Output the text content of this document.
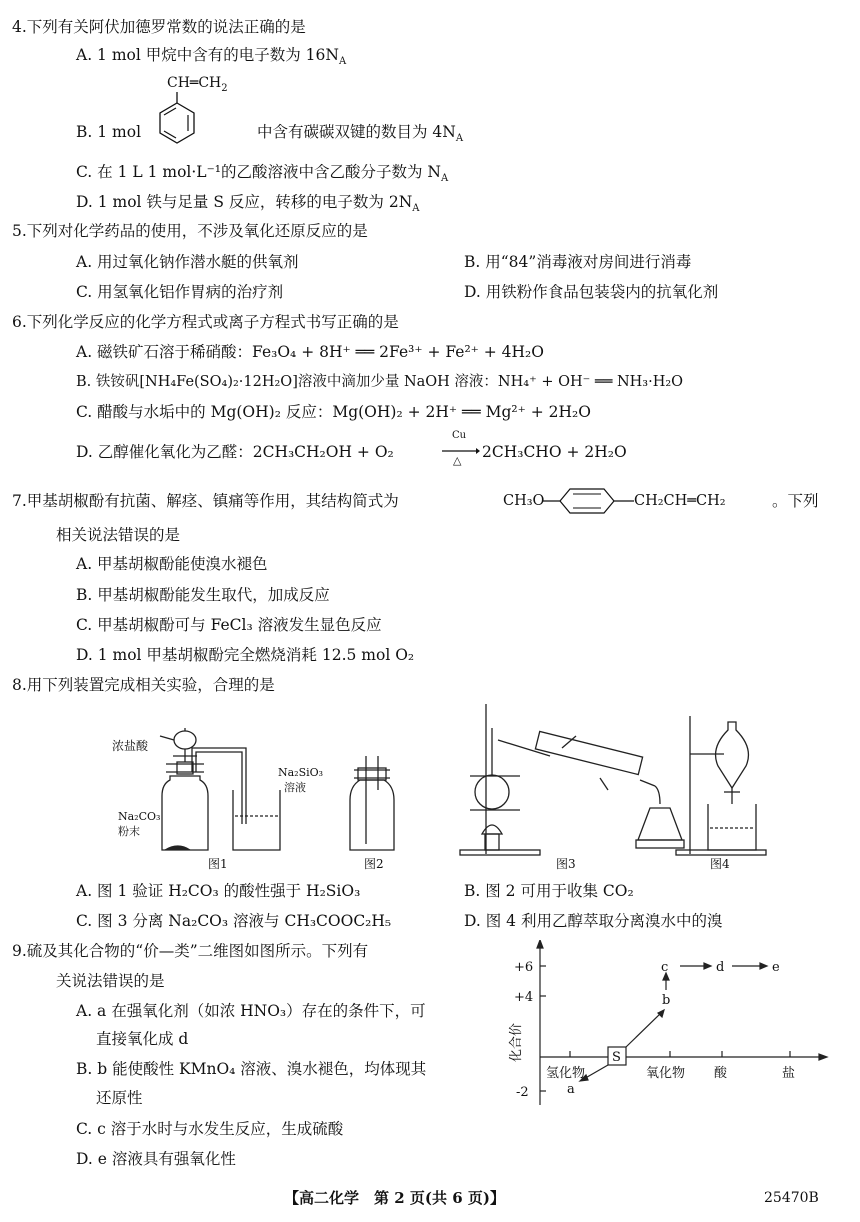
4.下列有关阿伏加德罗常数的说法正确的是
A. 1 mol 甲烷中含有的电子数为 $16N_A$
B. 1 mol
$CH═CH_2$
中含有碳碳双键的数目为 $4N_A$
C. 在 1 L 1 mol·L⁻¹的乙酸溶液中含乙酸分子数为 $N_A$
D. 1 mol 铁与足量 S 反应，转移的电子数为 $2N_A$
5.下列对化学药品的使用，不涉及氧化还原反应的是
A. 用过氧化钠作潜水艇的供氧剂	B. 用“84”消毒液对房间进行消毒
C. 用氢氧化铝作胃病的治疗剂	D. 用铁粉作食品包装袋内的抗氧化剂
6.下列化学反应的化学方程式或离子方程式书写正确的是
A. 磁铁矿石溶于稀硝酸：Fe₃O₄ + 8H⁺ ══ 2Fe³⁺ + Fe²⁺ + 4H₂O
B. 铁铵矾[NH₄Fe(SO₄)₂·12H₂O]溶液中滴加少量 NaOH 溶液：NH₄⁺ + OH⁻ ══ NH₃·H₂O
C. 醋酸与水垢中的 Mg(OH)₂ 反应：Mg(OH)₂ + 2H⁺ ══ Mg²⁺ + 2H₂O
D. 乙醇催化氧化为乙醛：2CH₃CH₂OH + O₂
Cu
△ 2CH₃CHO + 2H₂O
7.甲基胡椒酚有抗菌、解痉、镇痛等作用，其结构简式为	CH₃O	CH₂CH═CH₂	。下列
相关说法错误的是
A. 甲基胡椒酚能使溴水褪色
B. 甲基胡椒酚能发生取代，加成反应
C. 甲基胡椒酚可与 FeCl₃ 溶液发生显色反应
D. 1 mol 甲基胡椒酚完全燃烧消耗 12.5 mol O₂
8.用下列装置完成相关实验，合理的是
浓盐酸
Na₂CO₃
粉末
Na₂SiO₃
溶液
图1	图2	图3	图4
A. 图 1 验证 H₂CO₃ 的酸性强于 H₂SiO₃	B. 图 2 可用于收集 CO₂
C. 图 3 分离 Na₂CO₃ 溶液与 CH₃COOC₂H₅	D. 图 4 利用乙醇萃取分离溴水中的溴
9.硫及其化合物的“价—类”二维图如图所示。下列有
关说法错误的是
A. a 在强氧化剂（如浓 HNO₃）存在的条件下，可
直接氧化成 d
B. b 能使酸性 KMnO₄ 溶液、溴水褪色，均体现其
还原性
C. c 溶于水时与水发生反应，生成硫酸
D. e 溶液具有强氧化性
+6
+4
-2
化合价
氢化物	氧化物 酸	盐
S
a
b
c	d	e
【高二化学　第 2 页(共 6 页)】	25470B
